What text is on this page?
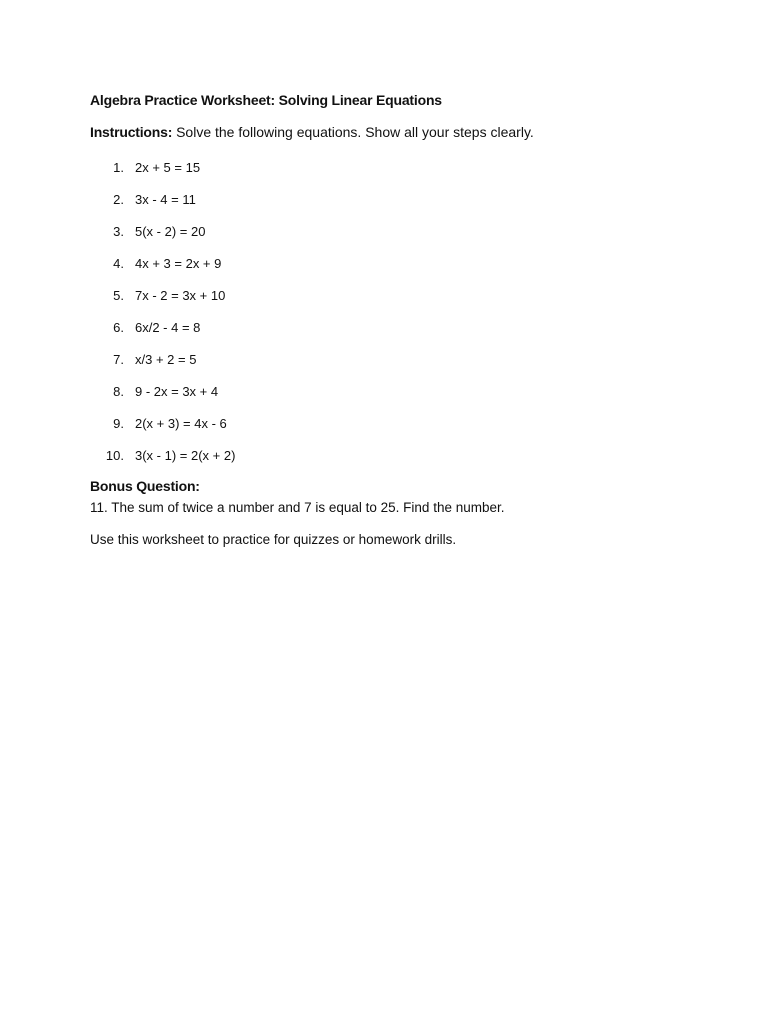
Algebra Practice Worksheet: Solving Linear Equations
Instructions: Solve the following equations. Show all your steps clearly.
1. 2x + 5 = 15
2. 3x - 4 = 11
3. 5(x - 2) = 20
4. 4x + 3 = 2x + 9
5. 7x - 2 = 3x + 10
6. 6x/2 - 4 = 8
7. x/3 + 2 = 5
8. 9 - 2x = 3x + 4
9. 2(x + 3) = 4x - 6
10. 3(x - 1) = 2(x + 2)
Bonus Question:
11. The sum of twice a number and 7 is equal to 25. Find the number.
Use this worksheet to practice for quizzes or homework drills.
